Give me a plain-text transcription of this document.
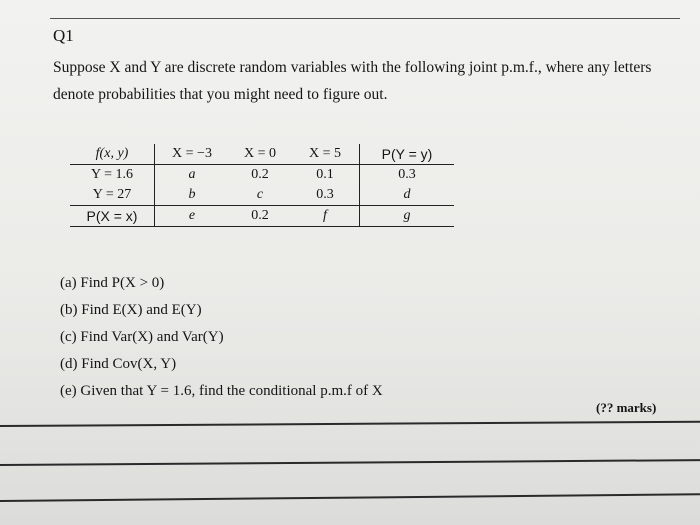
Q1
Suppose X and Y are discrete random variables with the following joint p.m.f., where any letters denote probabilities that you might need to figure out.
f(x, y)	X = −3	X = 0	X = 5	P(Y = y)
Y = 1.6	a	0.2	0.1	0.3
Y = 27	b	c	0.3	d
P(X = x)	e	0.2	f	g
(a) Find P(X > 0)
(b) Find E(X) and E(Y)
(c) Find Var(X) and Var(Y)
(d) Find Cov(X, Y)
(e) Given that Y = 1.6, find the conditional p.m.f of X
(?? marks)
